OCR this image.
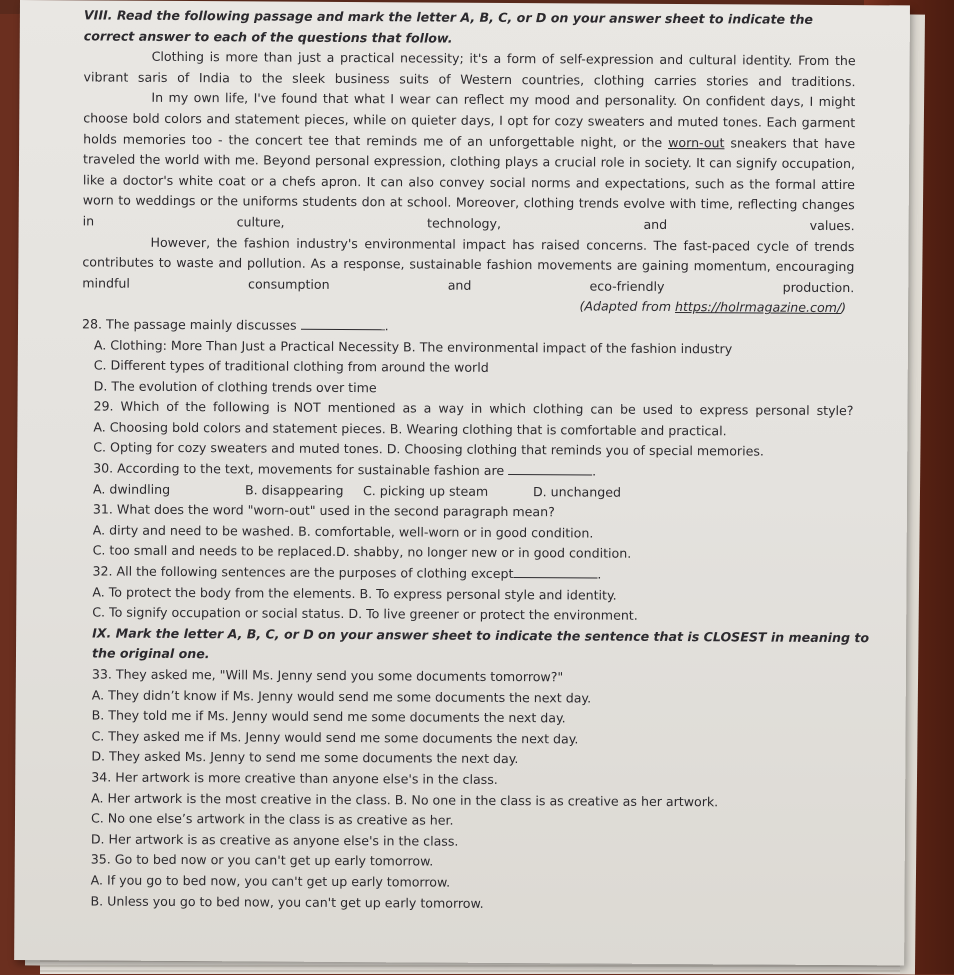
VIII. Read the following passage and mark the letter A, B, C, or D on your answer sheet to indicate the
correct answer to each of the questions that follow.
Clothing is more than just a practical necessity; it's a form of self-expression and cultural identity. From the vibrant saris of India to the sleek business suits of Western countries, clothing carries stories and traditions.
In my own life, I've found that what I wear can reflect my mood and personality. On confident days, I might choose bold colors and statement pieces, while on quieter days, I opt for cozy sweaters and muted tones. Each garment holds memories too - the concert tee that reminds me of an unforgettable night, or the worn-out sneakers that have traveled the world with me. Beyond personal expression, clothing plays a crucial role in society. It can signify occupation, like a doctor's white coat or a chefs apron. It can also convey social norms and expectations, such as the formal attire worn to weddings or the uniforms students don at school. Moreover, clothing trends evolve with time, reflecting changes in culture, technology, and values.
However, the fashion industry's environmental impact has raised concerns. The fast-paced cycle of trends contributes to waste and pollution. As a response, sustainable fashion movements are gaining momentum, encouraging mindful consumption and eco-friendly production.
(Adapted from https://holrmagazine.com/)
28. The passage mainly discusses	.
A. Clothing: More Than Just a Practical Necessity B. The environmental impact of the fashion industry
C. Different types of traditional clothing from around the world
D. The evolution of clothing trends over time
29. Which of the following is NOT mentioned as a way in which clothing can be used to express personal style?
A. Choosing bold colors and statement pieces. B. Wearing clothing that is comfortable and practical.
C. Opting for cozy sweaters and muted tones. D. Choosing clothing that reminds you of special memories.
30. According to the text, movements for sustainable fashion are	.
A. dwindling	B. disappearing C. picking up steam	D. unchanged
31. What does the word "worn-out" used in the second paragraph mean?
A. dirty and need to be washed. B. comfortable, well-worn or in good condition.
C. too small and needs to be replaced.D. shabby, no longer new or in good condition.
32. All the following sentences are the purposes of clothing except	.
A. To protect the body from the elements. B. To express personal style and identity.
C. To signify occupation or social status. D. To live greener or protect the environment.
IX. Mark the letter A, B, C, or D on your answer sheet to indicate the sentence that is CLOSEST in meaning to
the original one.
33. They asked me, "Will Ms. Jenny send you some documents tomorrow?"
A. They didn’t know if Ms. Jenny would send me some documents the next day.
B. They told me if Ms. Jenny would send me some documents the next day.
C. They asked me if Ms. Jenny would send me some documents the next day.
D. They asked Ms. Jenny to send me some documents the next day.
34. Her artwork is more creative than anyone else's in the class.
A. Her artwork is the most creative in the class. B. No one in the class is as creative as her artwork.
C. No one else’s artwork in the class is as creative as her.
D. Her artwork is as creative as anyone else's in the class.
35. Go to bed now or you can't get up early tomorrow.
A. If you go to bed now, you can't get up early tomorrow.
B. Unless you go to bed now, you can't get up early tomorrow.
